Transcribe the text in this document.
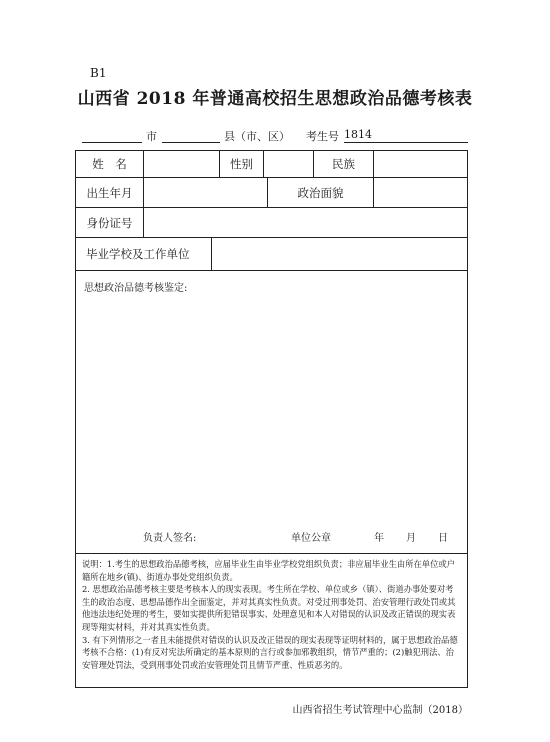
B1
山西省 2018 年普通高校招生思想政治品德考核表
市	县（市、区） 考生号 1814
姓　名	性别	民族
出生年月	政治面貌
身份证号
毕业学校及工作单位
思想政治品德考核鉴定:
负责人签名:	单位公章	年 月 日

说明：1.考生的思想政治品德考核，应届毕业生由毕业学校党组织负责；非应届毕业生由所在单位或户籍所在地乡(镇)、街道办事处党组织负责。

2. 思想政治品德考核主要是考核本人的现实表现。考生所在学校、单位或乡（镇）、街道办事处要对考生的政治态度、思想品德作出全面鉴定，并对其真实性负责。对受过刑事处罚、治安管理行政处罚或其他违法违纪处理的考生，要如实提供所犯错误事实、处理意见和本人对错误的认识及改正错误的现实表现等翔实材料，并对其真实性负责。

3. 有下列情形之一者且未能提供对错误的认识及改正错误的现实表现等证明材料的，属于思想政治品德考核不合格：(1)有反对宪法所确定的基本原则的言行或参加邪教组织，情节严重的；(2)触犯刑法、治安管理处罚法，受到刑事处罚或治安管理处罚且情节严重、性质恶劣的。

山西省招生考试管理中心监制（2018）
